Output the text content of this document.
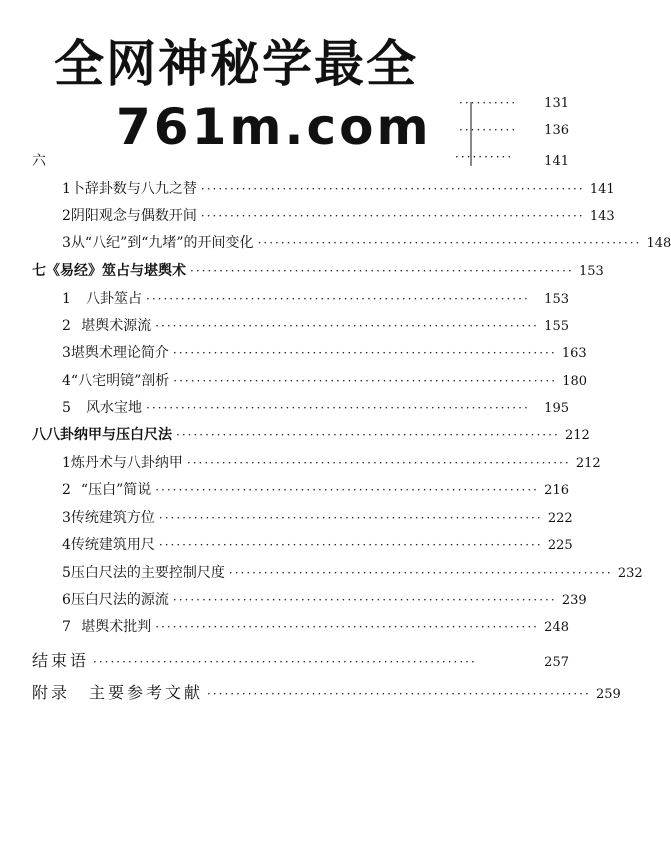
全网神秘学最全
761m.com ··········	131
··········	136
六	·········· 141
1 卜辞卦数与八九之替 ·································································· 141
2 阴阳观念与偶数开间 ·································································· 143
3 从“八纪”到“九堵”的开间变化 ·································································· 148
七 《易经》筮占与堪舆术 ·································································· 153
1	八卦筮占 ··································································	153
2 堪舆术源流 ·································································· 155
3 堪舆术理论简介 ·································································· 163
4 “八宅明镜”剖析 ·································································· 180
5	风水宝地 ··································································	195
八 八卦纳甲与压白尺法 ·································································· 212
1 炼丹术与八卦纳甲 ·································································· 212
2 “压白”简说 ·································································· 216
3 传统建筑方位 ·································································· 222
4 传统建筑用尺 ·································································· 225
5 压白尺法的主要控制尺度 ·································································· 232
6 压白尺法的源流 ·································································· 239
7 堪舆术批判 ·································································· 248
结束语 ··································································	257
附录　主要参考文献 ·································································· 259
